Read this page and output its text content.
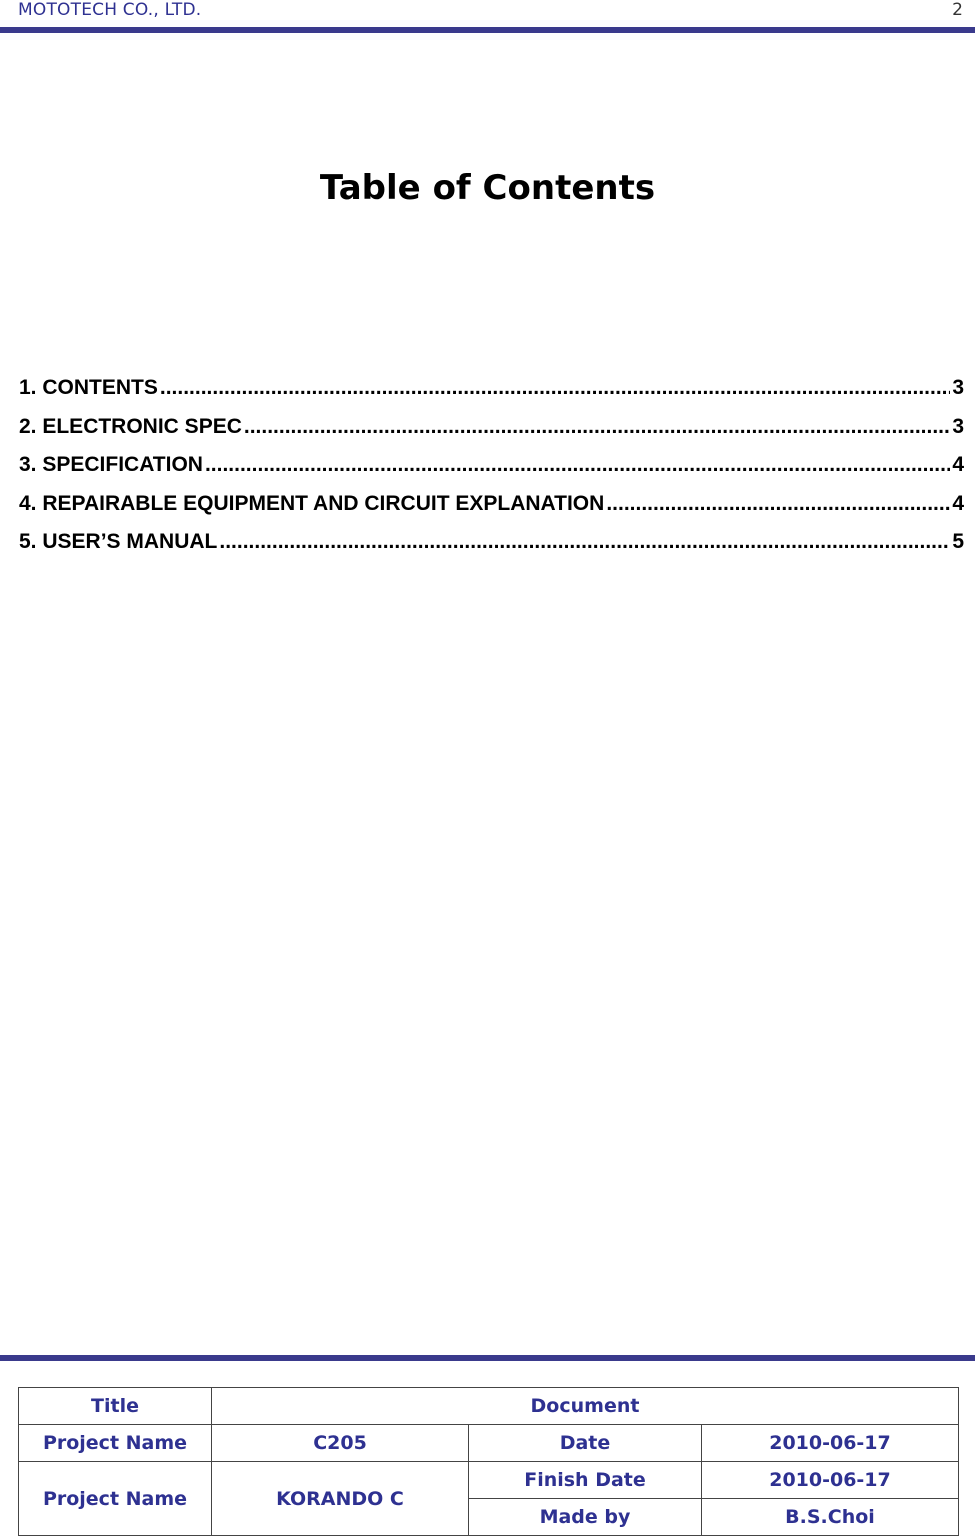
MOTOTECH CO., LTD.	2
Table of Contents
1. CONTENTS .....	3
2. ELECTRONIC SPEC .....	3
3. SPECIFICATION .....	4
4. REPAIRABLE EQUIPMENT AND CIRCUIT EXPLANATION .....	4
5. USER’S MANUAL .....	5
Title	Document		
Project Name	C205	Date	2010-06-17
Project Name	KORANDO C	Finish Date	2010-06-17
		Made by	B.S.Choi
